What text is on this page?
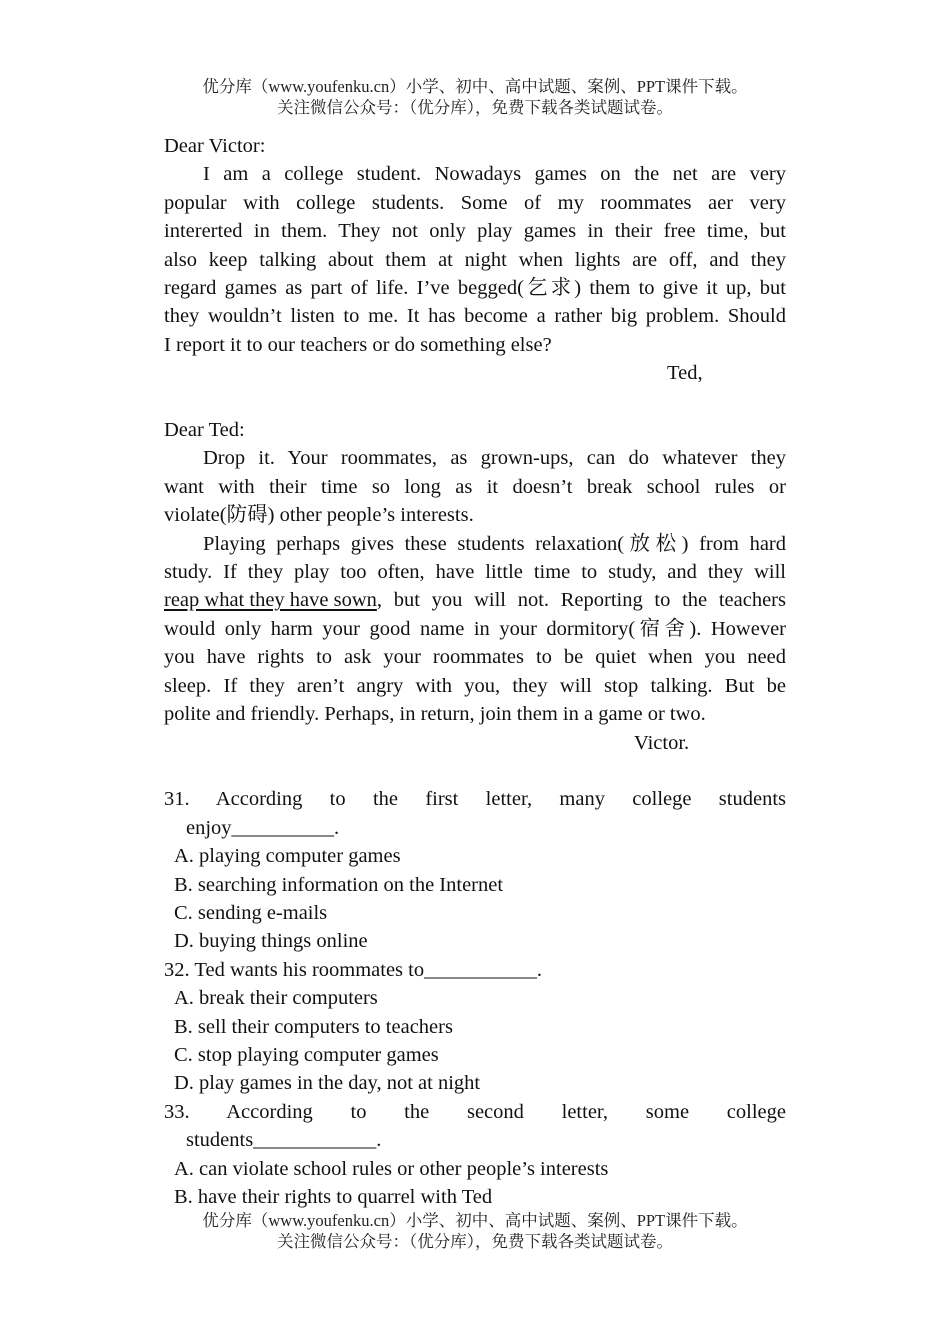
优分库（www.youfenku.cn）小学、初中、高中试题、案例、PPT课件下载。
关注微信公众号：（优分库），免费下载各类试题试卷。
Dear Victor:
I am a college student. Nowadays games on the net are very
popular with college students. Some of my roommates aer very
intererted in them. They not only play games in their free time, but
also keep talking about them at night when lights are off, and they
regard games as part of life. I’ve begged(乞求) them to give it up, but
they wouldn’t listen to me. It has become a rather big problem. Should
I report it to our teachers or do something else?
Ted,
Dear Ted:
Drop it. Your roommates, as grown-ups, can do whatever they
want with their time so long as it doesn’t break school rules or
violate(防碍) other people’s interests.
Playing perhaps gives these students relaxation(放松) from hard
study. If they play too often, have little time to study, and they will
reap what they have sown , but you will not. Reporting to the teachers
would only harm your good name in your dormitory(宿舍). However
you have rights to ask your roommates to be quiet when you need
sleep. If they aren’t angry with you, they will stop talking. But be
polite and friendly. Perhaps, in return, join them in a game or two.
Victor.
31. According to the first letter, many college students
enjoy__________.
A. playing computer games
B. searching information on the Internet
C. sending e-mails
D. buying things online
32. Ted wants his roommates to___________.
A. break their computers
B. sell their computers to teachers
C. stop playing computer games
D. play games in the day, not at night
33. According to the second letter, some college
students____________.
A. can violate school rules or other people’s interests
B. have their rights to quarrel with Ted
优分库（www.youfenku.cn）小学、初中、高中试题、案例、PPT课件下载。
关注微信公众号：（优分库），免费下载各类试题试卷。
